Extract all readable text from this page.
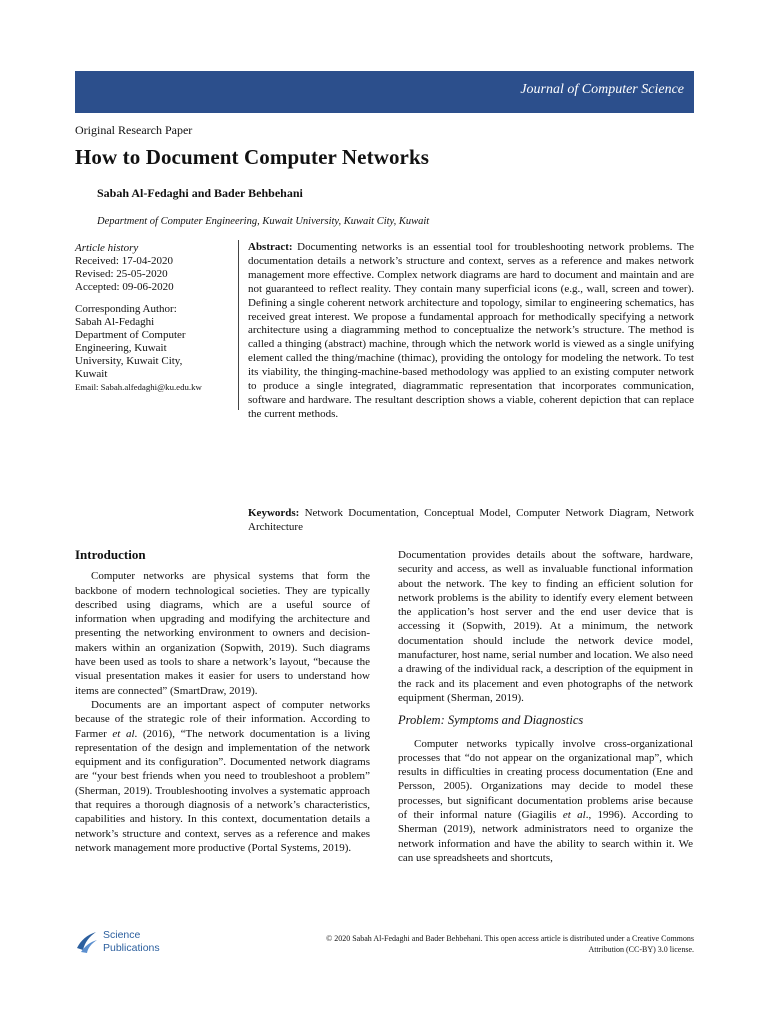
Journal of Computer Science
Original Research Paper
How to Document Computer Networks
Sabah Al-Fedaghi and Bader Behbehani
Department of Computer Engineering, Kuwait University, Kuwait City, Kuwait
Article history
Received: 17-04-2020
Revised: 25-05-2020
Accepted: 09-06-2020
Corresponding Author:
Sabah Al-Fedaghi
Department of Computer
Engineering, Kuwait
University, Kuwait City,
Kuwait
Email: Sabah.alfedaghi@ku.edu.kw
Abstract: Documenting networks is an essential tool for troubleshooting network problems. The documentation details a network’s structure and context, serves as a reference and makes network management more effective. Complex network diagrams are hard to document and maintain and are not guaranteed to reflect reality. They contain many superficial icons (e.g., wall, screen and tower). Defining a single coherent network architecture and topology, similar to engineering schematics, has received great interest. We propose a fundamental approach for methodically specifying a network architecture using a diagramming method to conceptualize the network’s structure. The method is called a thinging (abstract) machine, through which the network world is viewed as a single unifying element called the thing/machine (thimac), providing the ontology for modeling the network. To test its viability, the thinging-machine-based methodology was applied to an existing computer network to produce a single integrated, diagrammatic representation that incorporates communication, software and hardware. The resultant description shows a viable, coherent depiction that can replace the current methods.
Keywords: Network Documentation, Conceptual Model, Computer Network Diagram, Network Architecture
Introduction

Computer networks are physical systems that form the backbone of modern technological societies. They are typically described using diagrams, which are a useful source of information when upgrading and modifying the architecture and presenting the networking environment to owners and decision-makers within an organization (Sopwith, 2019). Such diagrams have been used as tools to share a network’s layout, “because the visual presentation makes it easier for users to understand how items are connected” (SmartDraw, 2019).

Documents are an important aspect of computer networks because of the strategic role of their information. According to Farmer et al. (2016), “The network documentation is a living representation of the design and implementation of the network equipment and its configuration”. Documented network diagrams are “your best friends when you need to troubleshoot a problem” (Sherman, 2019). Troubleshooting involves a systematic approach that requires a thorough diagnosis of a network’s characteristics, capabilities and history. In this context, documentation details a network’s structure and context, serves as a reference and makes network management more productive (Portal Systems, 2019).

Documentation provides details about the software, hardware, security and access, as well as invaluable functional information about the network. The key to finding an efficient solution for network problems is the ability to identify every element between the application’s host server and the end user device that is accessing it (Sopwith, 2019). At a minimum, the network documentation should include the network device model, manufacturer, host name, serial number and location. We also need a drawing of the individual rack, a description of the equipment in the rack and its placement and even photographs of the network equipment (Sherman, 2019).

Problem: Symptoms and Diagnostics

Computer networks typically involve cross-organizational processes that “do not appear on the organizational map”, which results in difficulties in creating process documentation (Ene and Persson, 2005). Organizations may decide to model these processes, but significant documentation problems arise because of their informal nature (Giagilis et al., 1996). According to Sherman (2019), network administrators need to organize the network information and have the ability to search within it. We can use spreadsheets and shortcuts,

Science
Publications
© 2020 Sabah Al-Fedaghi and Bader Behbehani. This open access article is distributed under a Creative Commons
Attribution (CC-BY) 3.0 license.
